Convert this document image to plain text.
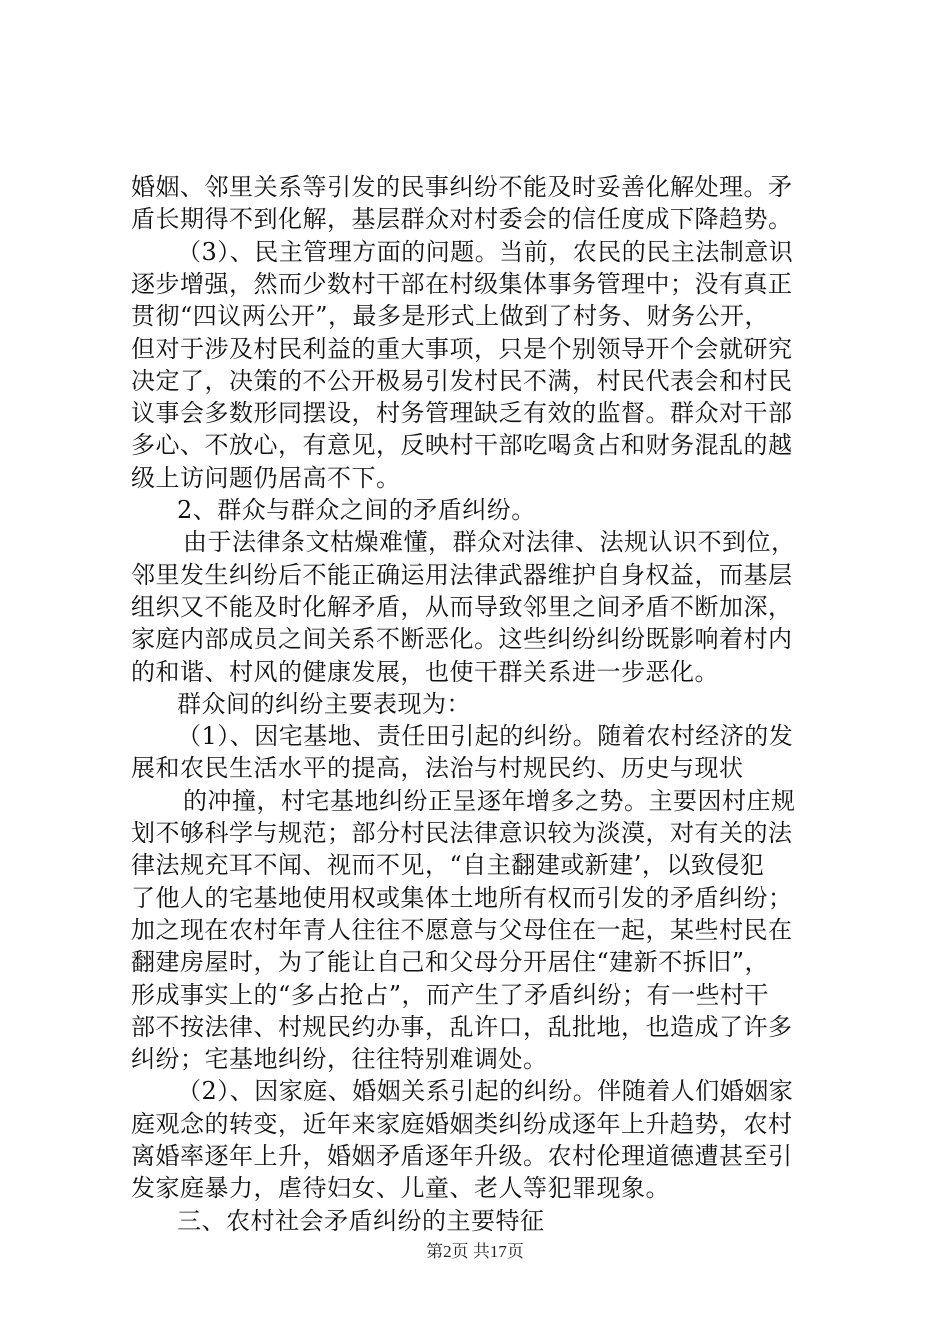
婚姻、邻里关系等引发的民事纠纷不能及时妥善化解处理。矛
盾长期得不到化解，基层群众对村委会的信任度成下降趋势。
（3）、民主管理方面的问题。当前，农民的民主法制意识
逐步增强，然而少数村干部在村级集体事务管理中；没有真正
贯彻“四议两公开”，最多是形式上做到了村务、财务公开，
但对于涉及村民利益的重大事项，只是个别领导开个会就研究
决定了，决策的不公开极易引发村民不满，村民代表会和村民
议事会多数形同摆设，村务管理缺乏有效的监督。群众对干部
多心、不放心，有意见，反映村干部吃喝贪占和财务混乱的越
级上访问题仍居高不下。
2、群众与群众之间的矛盾纠纷。
由于法律条文枯燥难懂，群众对法律、法规认识不到位，
邻里发生纠纷后不能正确运用法律武器维护自身权益，而基层
组织又不能及时化解矛盾，从而导致邻里之间矛盾不断加深，
家庭内部成员之间关系不断恶化。这些纠纷纠纷既影响着村内
的和谐、村风的健康发展，也使干群关系进一步恶化。
群众间的纠纷主要表现为：
（1）、因宅基地、责任田引起的纠纷。随着农村经济的发
展和农民生活水平的提高，法治与村规民约、历史与现状
的冲撞，村宅基地纠纷正呈逐年增多之势。主要因村庄规
划不够科学与规范；部分村民法律意识较为淡漠，对有关的法
律法规充耳不闻、视而不见，“自主翻建或新建’，以致侵犯
了他人的宅基地使用权或集体土地所有权而引发的矛盾纠纷；
加之现在农村年青人往往不愿意与父母住在一起，某些村民在
翻建房屋时，为了能让自己和父母分开居住“建新不拆旧”，
形成事实上的“多占抢占”，而产生了矛盾纠纷；有一些村干
部不按法律、村规民约办事，乱许口，乱批地，也造成了许多
纠纷；宅基地纠纷，往往特别难调处。
（2）、因家庭、婚姻关系引起的纠纷。伴随着人们婚姻家
庭观念的转变，近年来家庭婚姻类纠纷成逐年上升趋势，农村
离婚率逐年上升，婚姻矛盾逐年升级。农村伦理道德遭甚至引
发家庭暴力，虐待妇女、儿童、老人等犯罪现象。
三、农村社会矛盾纠纷的主要特征
第2页 共17页
